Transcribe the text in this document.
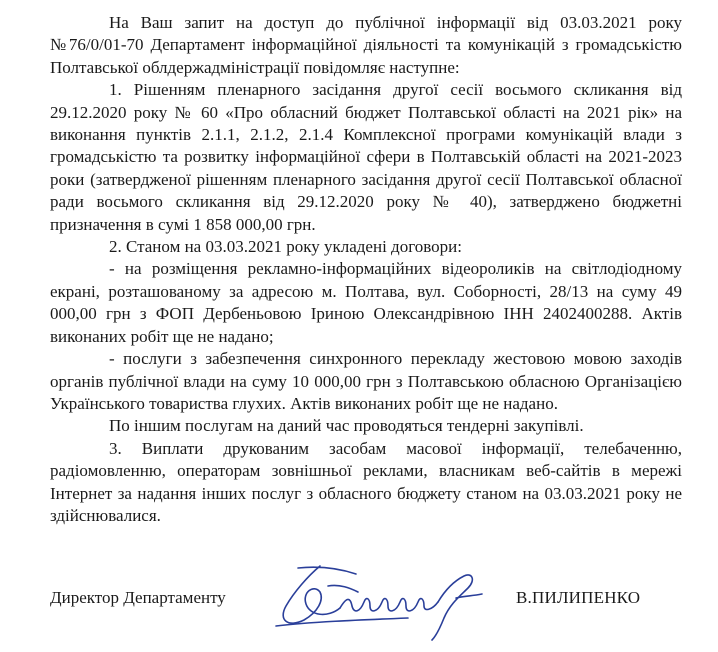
На Ваш запит на доступ до публічної інформації від 03.03.2021 року №76/0/01-70 Департамент інформаційної діяльності та комунікацій з громадськістю Полтавської облдержадміністрації повідомляє наступне:

1. Рішенням пленарного засідання другої сесії восьмого скликання від 29.12.2020 року № 60 «Про обласний бюджет Полтавської області на 2021 рік» на виконання пунктів 2.1.1, 2.1.2, 2.1.4 Комплексної програми комунікацій влади з громадськістю та розвитку інформаційної сфери в Полтавській області на 2021-2023 роки (затвердженої рішенням пленарного засідання другої сесії Полтавської обласної ради восьмого скликання від 29.12.2020 року № 40), затверджено бюджетні призначення в сумі 1 858 000,00 грн.

2. Станом на 03.03.2021 року укладені договори:

- на розміщення рекламно-інформаційних відеороликів на світлодіодному екрані, розташованому за адресою м. Полтава, вул. Соборності, 28/13 на суму 49 000,00 грн з ФОП Дербеньовою Іриною Олександрівною ІНН 2402400288. Актів виконаних робіт ще не надано;

- послуги з забезпечення синхронного перекладу жестовою мовою заходів органів публічної влади на суму 10 000,00 грн з Полтавською обласною Організацією Українського товариства глухих. Актів виконаних робіт ще не надано.

По іншим послугам на даний час проводяться тендерні закупівлі.

3. Виплати друкованим засобам масової інформації, телебаченню, радіомовленню, операторам зовнішньої реклами, власникам веб-сайтів в мережі Інтернет за надання інших послуг з обласного бюджету станом на 03.03.2021 року не здійснювалися.

Директор Департаменту	В.ПИЛИПЕНКО
